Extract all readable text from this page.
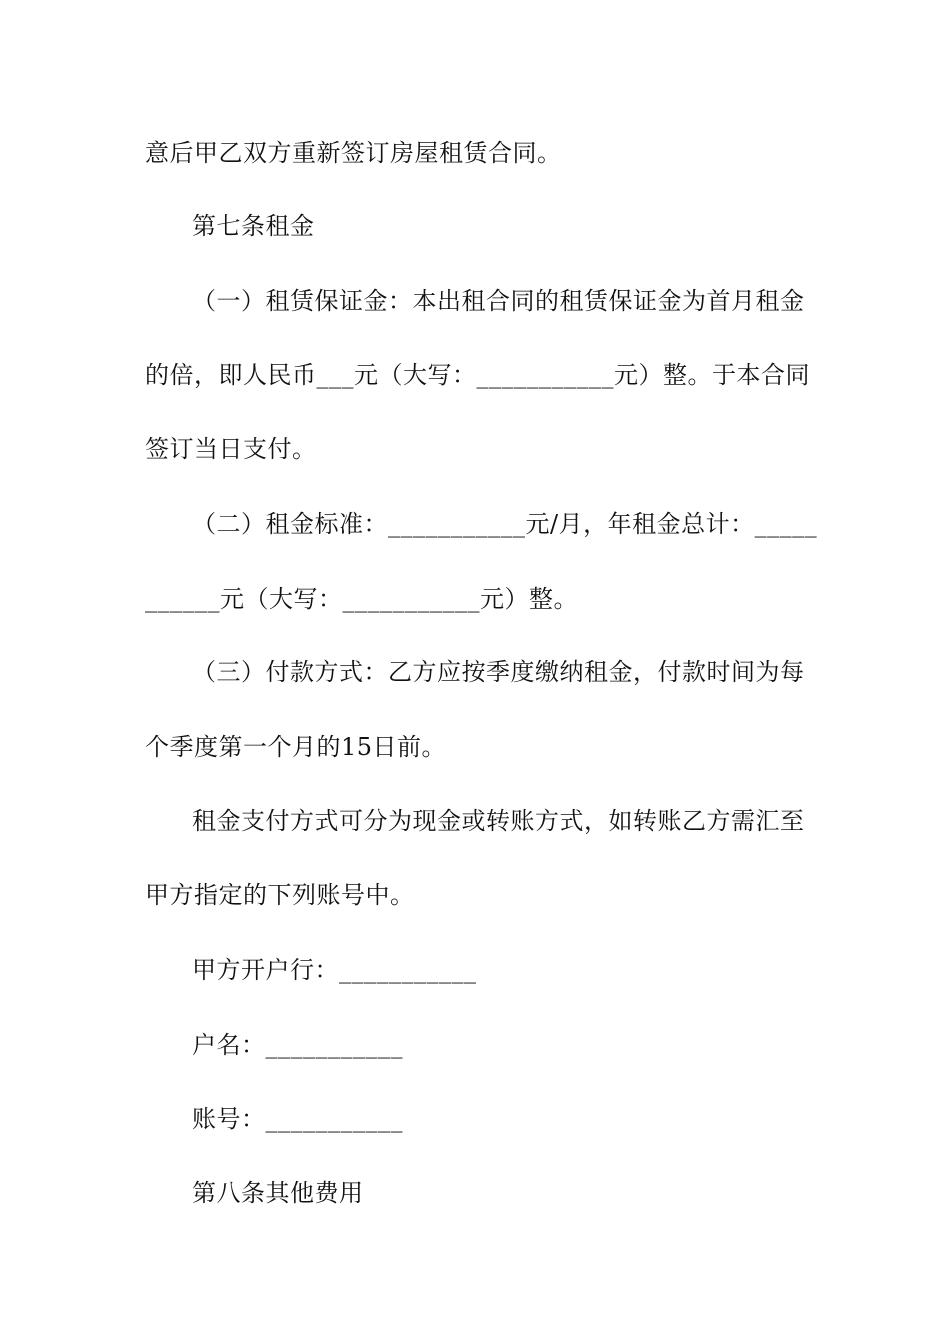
意后甲乙双方重新签订房屋租赁合同。
第七条租金
（一）租赁保证金：本出租合同的租赁保证金为首月租金
的倍，即人民币___元（大写：___________元）整。于本合同
签订当日支付。
（二）租金标准：___________元/月，年租金总计：_____
______元（大写：___________元）整。
（三）付款方式：乙方应按季度缴纳租金，付款时间为每
个季度第一个月的15日前。
租金支付方式可分为现金或转账方式，如转账乙方需汇至
甲方指定的下列账号中。
甲方开户行：___________
户名：___________
账号：___________
第八条其他费用
